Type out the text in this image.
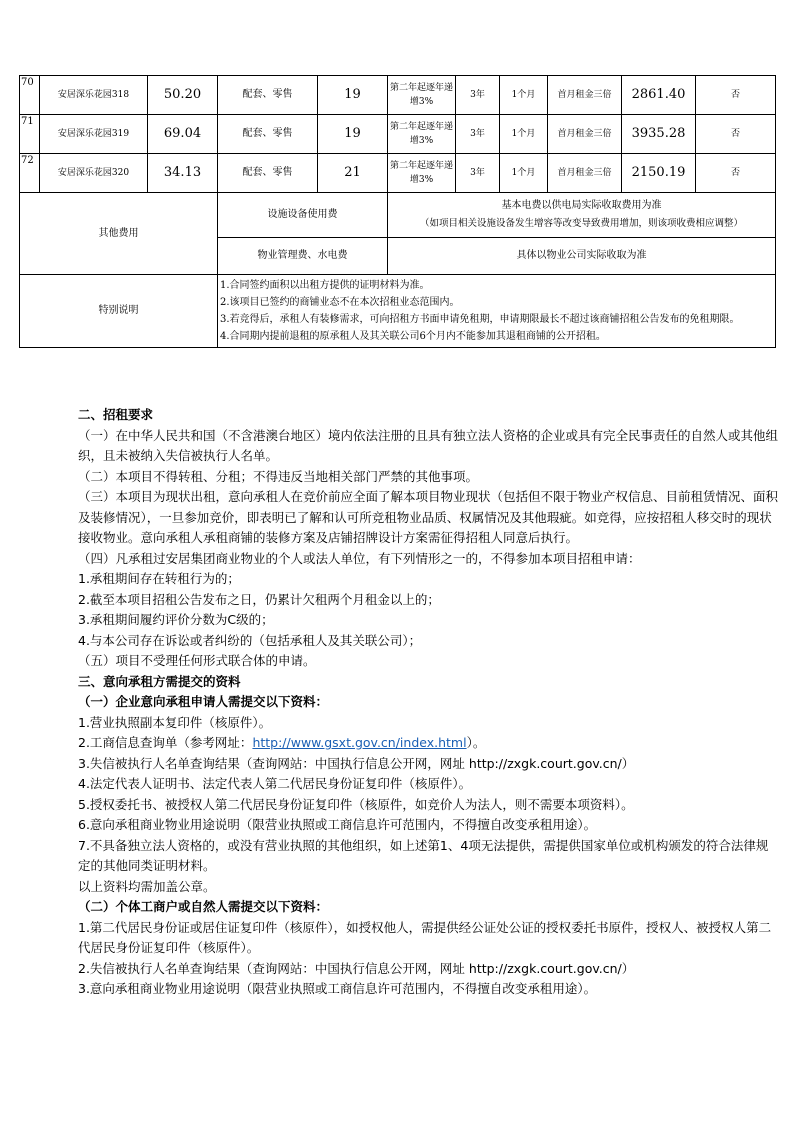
70	安居深乐花园318	50.20	配套、零售	19	第二年起逐年递增3%	3年	1个月	首月租金三倍	2861.40	否
71	安居深乐花园319	69.04	配套、零售	19	第二年起逐年递增3%	3年	1个月	首月租金三倍	3935.28	否
72	安居深乐花园320	34.13	配套、零售	21	第二年起逐年递增3%	3年	1个月	首月租金三倍	2150.19	否
其他费用			设施设备使用费		基本电费以供电局实际收取费用为准
（如项目相关设施设备发生增容等改变导致费用增加，则该项收费相应调整）					

			物业管理费、水电费		具体以物业公司实际收取为准					
特别说明			1.合同签约面积以出租方提供的证明材料为准。
2.该项目已签约的商铺业态不在本次招租业态范围内。
3.若竞得后，承租人有装修需求，可向招租方书面申请免租期，申请期限最长不超过该商铺招租公告发布的免租期限。
4.合同期内提前退租的原承租人及其关联公司6个月内不能参加其退租商铺的公开招租。							

二、招租要求

（一）在中华人民共和国（不含港澳台地区）境内依法注册的且具有独立法人资格的企业或具有完全民事责任的自然人或其他组织，且未被纳入失信被执行人名单。

（二）本项目不得转租、分租；不得违反当地相关部门严禁的其他事项。

（三）本项目为现状出租，意向承租人在竞价前应全面了解本项目物业现状（包括但不限于物业产权信息、目前租赁情况、面积及装修情况），一旦参加竞价，即表明已了解和认可所竞租物业品质、权属情况及其他瑕疵。如竞得，应按招租人移交时的现状接收物业。意向承租人承租商铺的装修方案及店铺招牌设计方案需征得招租人同意后执行。

（四）凡承租过安居集团商业物业的个人或法人单位，有下列情形之一的，不得参加本项目招租申请：

1.承租期间存在转租行为的；

2.截至本项目招租公告发布之日，仍累计欠租两个月租金以上的；

3.承租期间履约评价分数为C级的；

4.与本公司存在诉讼或者纠纷的（包括承租人及其关联公司）；

（五）项目不受理任何形式联合体的申请。

三、意向承租方需提交的资料

（一）企业意向承租申请人需提交以下资料：

1.营业执照副本复印件（核原件）。

2.工商信息查询单（参考网址：http://www.gsxt.gov.cn/index.html）。

3.失信被执行人名单查询结果（查询网站：中国执行信息公开网，网址 http://zxgk.court.gov.cn/）

4.法定代表人证明书、法定代表人第二代居民身份证复印件（核原件）。

5.授权委托书、被授权人第二代居民身份证复印件（核原件，如竞价人为法人，则不需要本项资料）。

6.意向承租商业物业用途说明（限营业执照或工商信息许可范围内，不得擅自改变承租用途）。

7.不具备独立法人资格的，或没有营业执照的其他组织，如上述第1、4项无法提供，需提供国家单位或机构颁发的符合法律规定的其他同类证明材料。

以上资料均需加盖公章。

（二）个体工商户或自然人需提交以下资料：

1.第二代居民身份证或居住证复印件（核原件），如授权他人，需提供经公证处公证的授权委托书原件，授权人、被授权人第二代居民身份证复印件（核原件）。

2.失信被执行人名单查询结果（查询网站：中国执行信息公开网，网址 http://zxgk.court.gov.cn/）

3.意向承租商业物业用途说明（限营业执照或工商信息许可范围内，不得擅自改变承租用途）。
